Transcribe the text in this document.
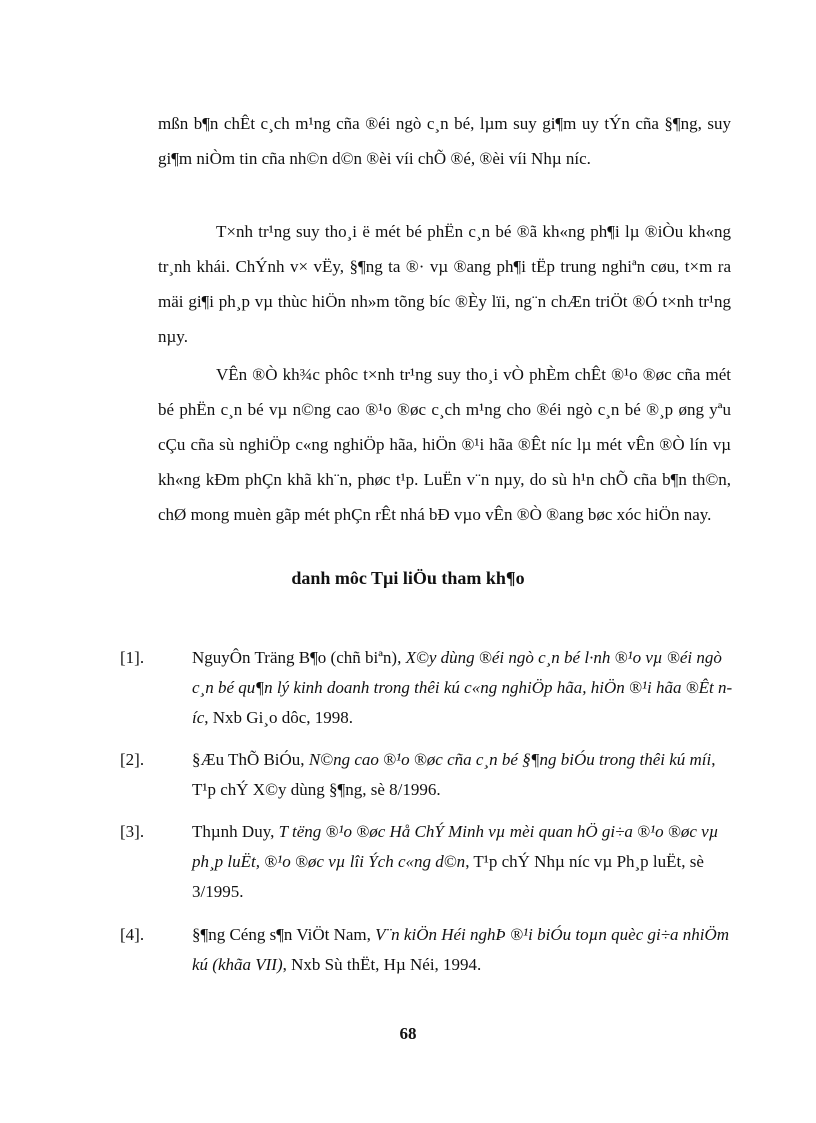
mßn b¶n chÊt c¸ch m¹ng cña ®éi ngò c¸n bé, lµm suy gi¶m uy tÝn cña §¶ng, suy gi¶m niÒm tin cña nh©n d©n ®èi víi chÕ ®é, ®èi víi Nhµ níc.

T×nh tr¹ng suy tho¸i ë mét bé phËn c¸n bé ®ã kh«ng ph¶i lµ ®iÒu kh«ng tr¸nh khái. ChÝnh v× vËy, §¶ng ta ®· vµ ®ang ph¶i tËp trung nghiªn cøu, t×m ra mäi gi¶i ph¸p vµ thùc hiÖn nh»m tõng bíc ®Èy lïi, ng¨n chÆn triÖt ®Ó t×nh tr¹ng nµy.

VÊn ®Ò kh¾c phôc t×nh tr¹ng suy tho¸i vÒ phÈm chÊt ®¹o ®øc cña mét bé phËn c¸n bé vµ n©ng cao ®¹o ®øc c¸ch m¹ng cho ®éi ngò c¸n bé ®¸p øng yªu cÇu cña sù nghiÖp c«ng nghiÖp hãa, hiÖn ®¹i hãa ®Êt níc lµ mét vÊn ®Ò lín vµ kh«ng kÐm phÇn khã kh¨n, phøc t¹p. LuËn v¨n nµy, do sù h¹n chÕ cña b¶n th©n, chØ mong muèn gãp mét phÇn rÊt nhá bÐ vµo vÊn ®Ò ®ang bøc xóc hiÖn nay.

danh môc Tµi liÖu tham kh¶o
[1].	NguyÔn Träng B¶o (chñ biªn), X©y dùng ®éi ngò c¸n bé l·nh ®¹o vµ ®éi ngò c¸n bé qu¶n lý kinh doanh trong thêi kú c«ng nghiÖp hãa, hiÖn ®¹i hãa ®Êt níc, Nxb Gi¸o dôc, 1998.
[2].	§Æu ThÕ BiÓu, N©ng cao ®¹o ®øc cña c¸n bé §¶ng biÓu trong thêi kú míi, T¹p chÝ X©y dùng §¶ng, sè 8/1996.
[3].	Thµnh Duy, T tëng ®¹o ®øc Hå ChÝ Minh vµ mèi quan hÖ gi÷a ®¹o ®øc vµ ph¸p luËt, ®¹o ®øc vµ lîi Ých c«ng d©n, T¹p chÝ Nhµ níc vµ Ph¸p luËt, sè 3/1995.
[4].	§¶ng Céng s¶n ViÖt Nam, V¨n kiÖn Héi nghÞ ®¹i biÓu toµn quèc gi÷a nhiÖm kú (khãa VII), Nxb Sù thËt, Hµ Néi, 1994.
68
